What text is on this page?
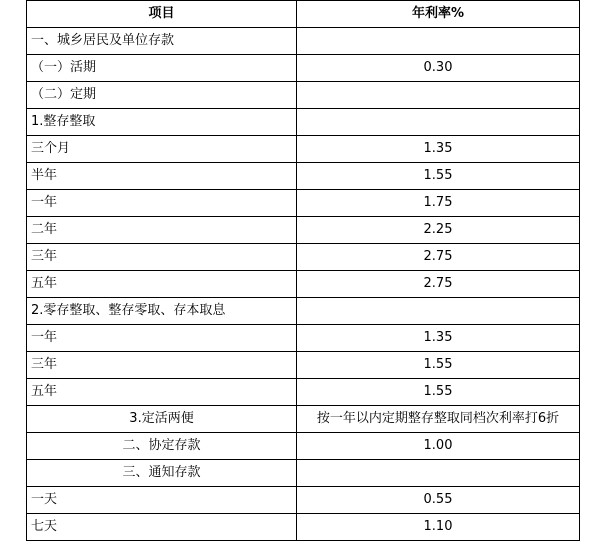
项目	年利率%
一、城乡居民及单位存款	
（一）活期	0.30
（二）定期	
1.整存整取	
三个月	1.35
半年	1.55
一年	1.75
二年	2.25
三年	2.75
五年	2.75
2.零存整取、整存零取、存本取息	
一年	1.35
三年	1.55
五年	1.55
3.定活两便	按一年以内定期整存整取同档次利率打6折
二、协定存款	1.00
三、通知存款	
一天	0.55
七天	1.10
